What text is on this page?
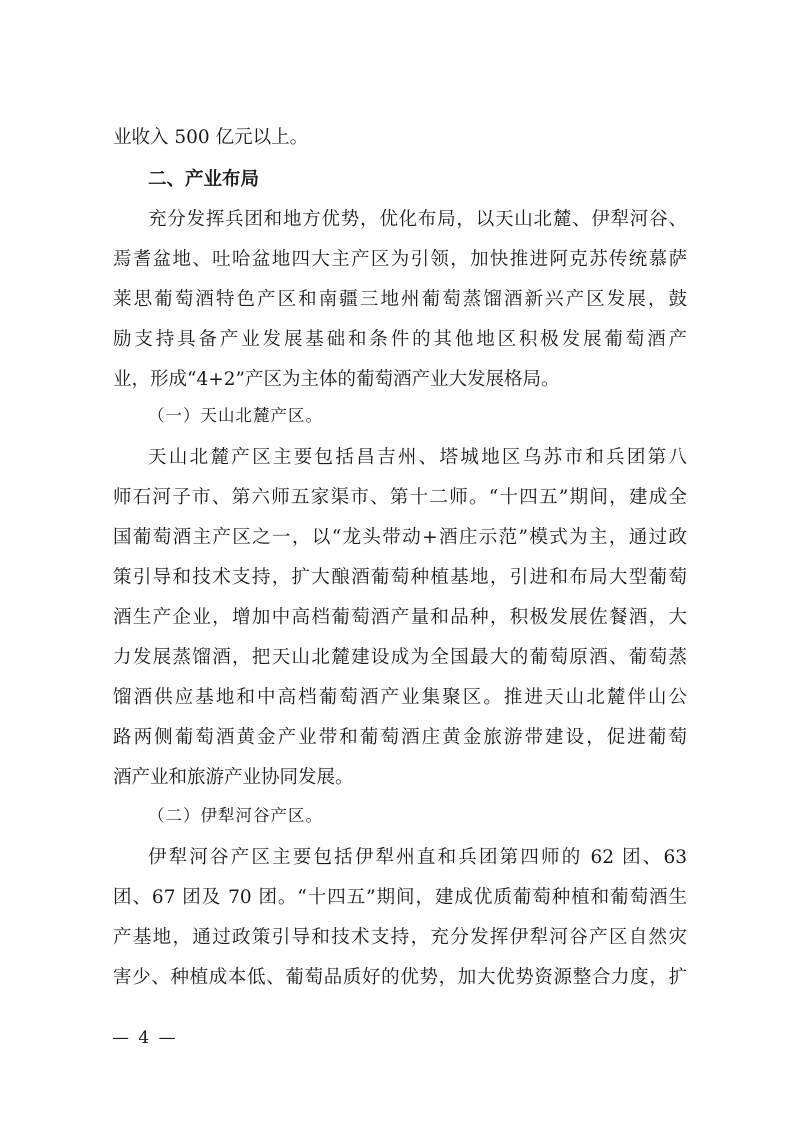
业收入 500 亿元以上。
二、产业布局
充分发挥兵团和地方优势，优化布局，以天山北麓、伊犁河谷、
焉耆盆地、吐哈盆地四大主产区为引领，加快推进阿克苏传统慕萨
莱思葡萄酒特色产区和南疆三地州葡萄蒸馏酒新兴产区发展，鼓
励支持具备产业发展基础和条件的其他地区积极发展葡萄酒产
业，形成“4+2”产区为主体的葡萄酒产业大发展格局。
（一）天山北麓产区。
天山北麓产区主要包括昌吉州、塔城地区乌苏市和兵团第八
师石河子市、第六师五家渠市、第十二师。“十四五”期间，建成全
国葡萄酒主产区之一，以“龙头带动+酒庄示范”模式为主，通过政
策引导和技术支持，扩大酿酒葡萄种植基地，引进和布局大型葡萄
酒生产企业，增加中高档葡萄酒产量和品种，积极发展佐餐酒，大
力发展蒸馏酒，把天山北麓建设成为全国最大的葡萄原酒、葡萄蒸
馏酒供应基地和中高档葡萄酒产业集聚区。推进天山北麓伴山公
路两侧葡萄酒黄金产业带和葡萄酒庄黄金旅游带建设，促进葡萄
酒产业和旅游产业协同发展。
（二）伊犁河谷产区。
伊犁河谷产区主要包括伊犁州直和兵团第四师的 62 团、63
团、67 团及 70 团。“十四五”期间，建成优质葡萄种植和葡萄酒生
产基地，通过政策引导和技术支持，充分发挥伊犁河谷产区自然灾
害少、种植成本低、葡萄品质好的优势，加大优势资源整合力度，扩
— 4 —
